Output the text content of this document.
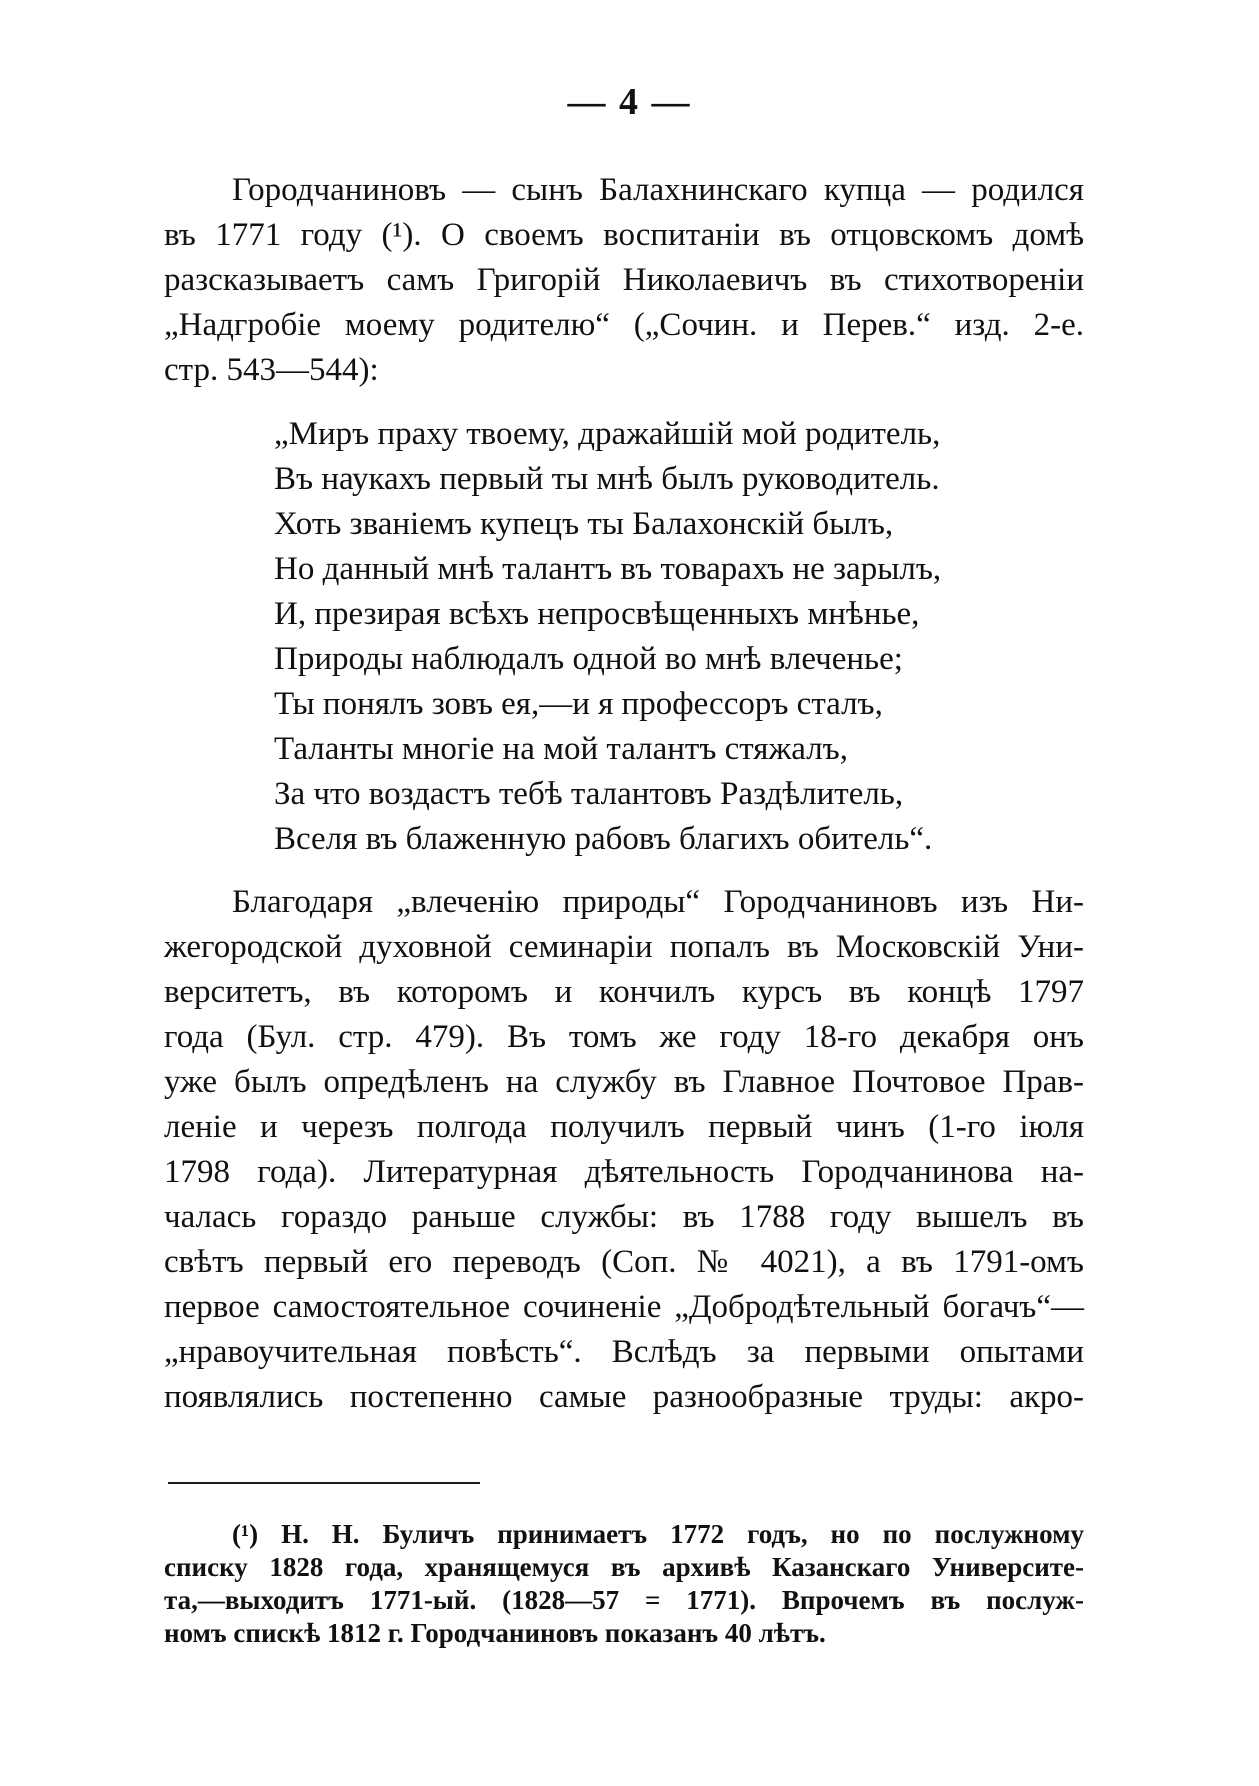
— 4 —
Городчаниновъ — сынъ Балахнинскаго купца — родился
въ 1771 году (¹). О своемъ воспитаніи въ отцовскомъ домѣ
разсказываетъ самъ Григорій Николаевичъ въ стихотвореніи
„Надгробіе моему родителю“ („Сочин. и Перев.“ изд. 2-е.
стр. 543—544):
„Миръ праху твоему, дражайшій мой родитель,
Въ наукахъ первый ты мнѣ былъ руководитель.
Хоть званіемъ купецъ ты Балахонскій былъ,
Но данный мнѣ талантъ въ товарахъ не зарылъ,
И, презирая всѣхъ непросвѣщенныхъ мнѣнье,
Природы наблюдалъ одной во мнѣ влеченье;
Ты понялъ зовъ ея,—и я профессоръ сталъ,
Таланты многіе на мой талантъ стяжалъ,
За что воздастъ тебѣ талантовъ Раздѣлитель,
Вселя въ блаженную рабовъ благихъ обитель“.
Благодаря „влеченію природы“ Городчаниновъ изъ Ни-
жегородской духовной семинаріи попалъ въ Московскій Уни-
верситетъ, въ которомъ и кончилъ курсъ въ концѣ 1797
года (Бул. стр. 479). Въ томъ же году 18-го декабря онъ
уже былъ опредѣленъ на службу въ Главное Почтовое Прав-
леніе и черезъ полгода получилъ первый чинъ (1-го іюля
1798 года). Литературная дѣятельность Городчанинова на-
чалась гораздо раньше службы: въ 1788 году вышелъ въ
свѣтъ первый его переводъ (Соп. № 4021), а въ 1791-омъ
первое самостоятельное сочиненіе „Добродѣтельный богачъ“—
„нравоучительная повѣсть“. Вслѣдъ за первыми опытами
появлялись постепенно самые разнообразные труды: акро-
(¹) Н. Н. Буличъ принимаетъ 1772 годъ, но по послужному
списку 1828 года, хранящемуся въ архивѣ Казанскаго Университе-
та,—выходитъ 1771-ый. (1828—57 = 1771). Впрочемъ въ послуж-
номъ спискѣ 1812 г. Городчаниновъ показанъ 40 лѣтъ.
